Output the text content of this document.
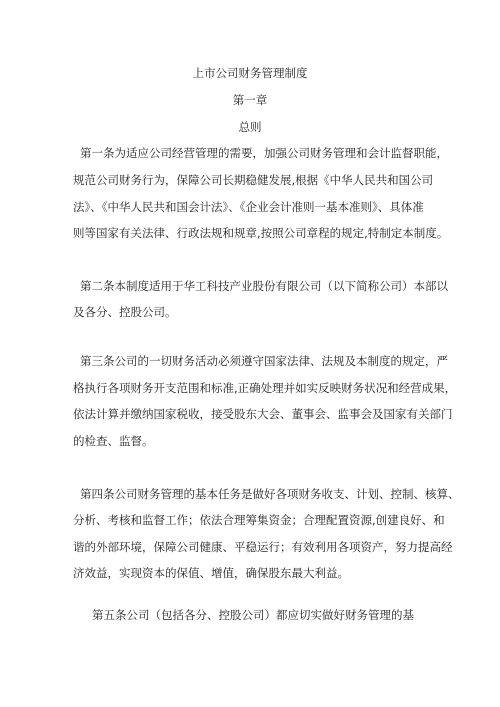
上市公司财务管理制度
第一章
总则
第一条为适应公司经营管理的需要，加强公司财务管理和会计监督职能，
规范公司财务行为，保障公司长期稳健发展,根据《中华人民共和国公司
法》、《中华人民共和国会计法》、《企业会计准则一基本准则》、具体准
则等国家有关法律、行政法规和规章,按照公司章程的规定,特制定本制度。
第二条本制度适用于华工科技产业股份有限公司（以下简称公司）本部以
及各分、控股公司。
第三条公司的一切财务活动必须遵守国家法律、法规及本制度的规定，严
格执行各项财务开支范围和标准,正确处理并如实反映财务状况和经营成果，
依法计算并缴纳国家税收，接受股东大会、董事会、监事会及国家有关部门
的检查、监督。
第四条公司财务管理的基本任务是做好各项财务收支、计划、控制、核算、
分析、考核和监督工作；依法合理筹集资金；合理配置资源,创建良好、和
谐的外部环境，保障公司健康、平稳运行；有效利用各项资产，努力提高经
济效益，实现资本的保值、增值，确保股东最大利益。
第五条公司（包括各分、控股公司）都应切实做好财务管理的基
